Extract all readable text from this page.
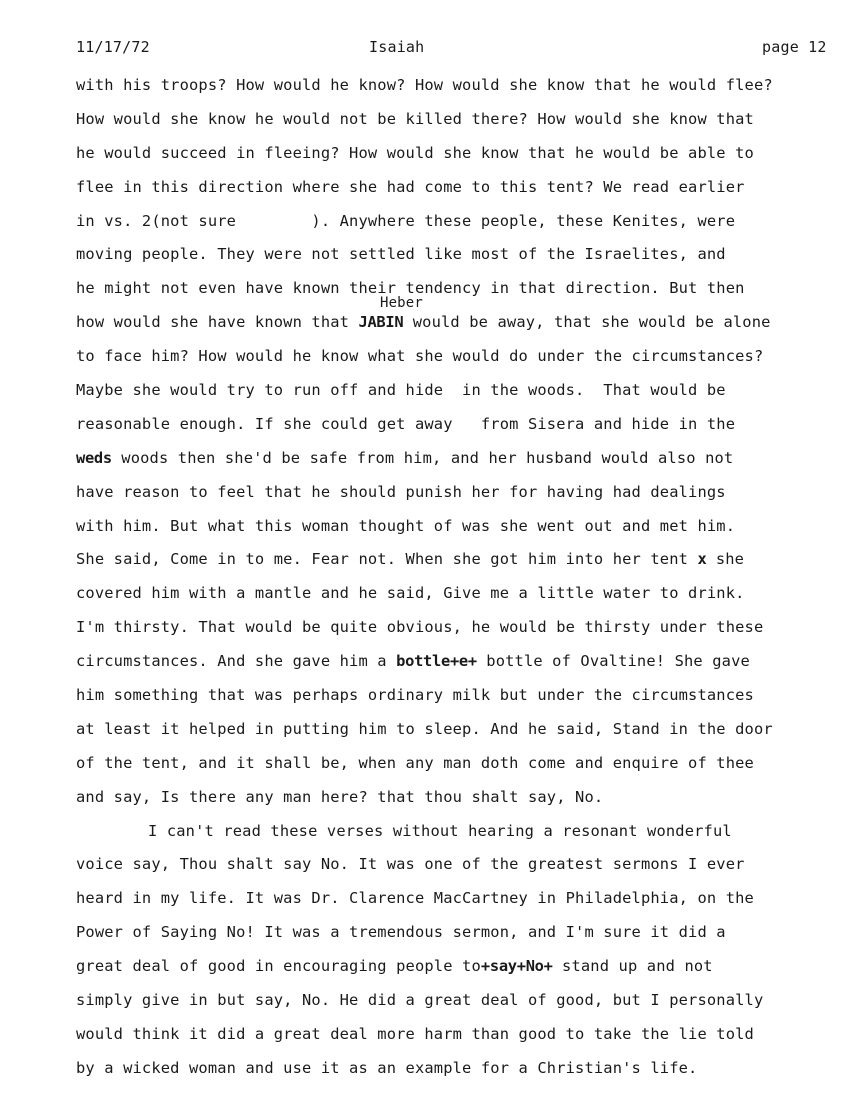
11/17/72	Isaiah	page 12
with his troops? How would he know? How would she know that he would flee?
How would she know he would not be killed there? How would she know that
he would succeed in fleeing? How would she know that he would be able to
flee in this direction where she had come to this tent? We read earlier
in vs. 2(not sure        ). Anywhere these people, these Kenites, were
moving people. They were not settled like most of the Israelites, and
he might not even have known their tendency in that direction. But then
how would she have known that JABIN would be away, that she would be alone
Heber
to face him? How would he know what she would do under the circumstances?
Maybe she would try to run off and hide  in the woods.  That would be
reasonable enough. If she could get away   from Sisera and hide in the
weds woods then she'd be safe from him, and her husband would also not
have reason to feel that he should punish her for having had dealings
with him. But what this woman thought of was she went out and met him.
She said, Come in to me. Fear not. When she got him into her tent x she
covered him with a mantle and he said, Give me a little water to drink.
I'm thirsty. That would be quite obvious, he would be thirsty under these
circumstances. And she gave him a bottle+e+ bottle of Ovaltine! She gave
him something that was perhaps ordinary milk but under the circumstances
at least it helped in putting him to sleep. And he said, Stand in the door
of the tent, and it shall be, when any man doth come and enquire of thee
and say, Is there any man here? that thou shalt say, No.
I can't read these verses without hearing a resonant wonderful
voice say, Thou shalt say No. It was one of the greatest sermons I ever
heard in my life. It was Dr. Clarence MacCartney in Philadelphia, on the
Power of Saying No! It was a tremendous sermon, and I'm sure it did a
great deal of good in encouraging people to+say+No+ stand up and not
simply give in but say, No. He did a great deal of good, but I personally
would think it did a great deal more harm than good to take the lie told
by a wicked woman and use it as an example for a Christian's life.
